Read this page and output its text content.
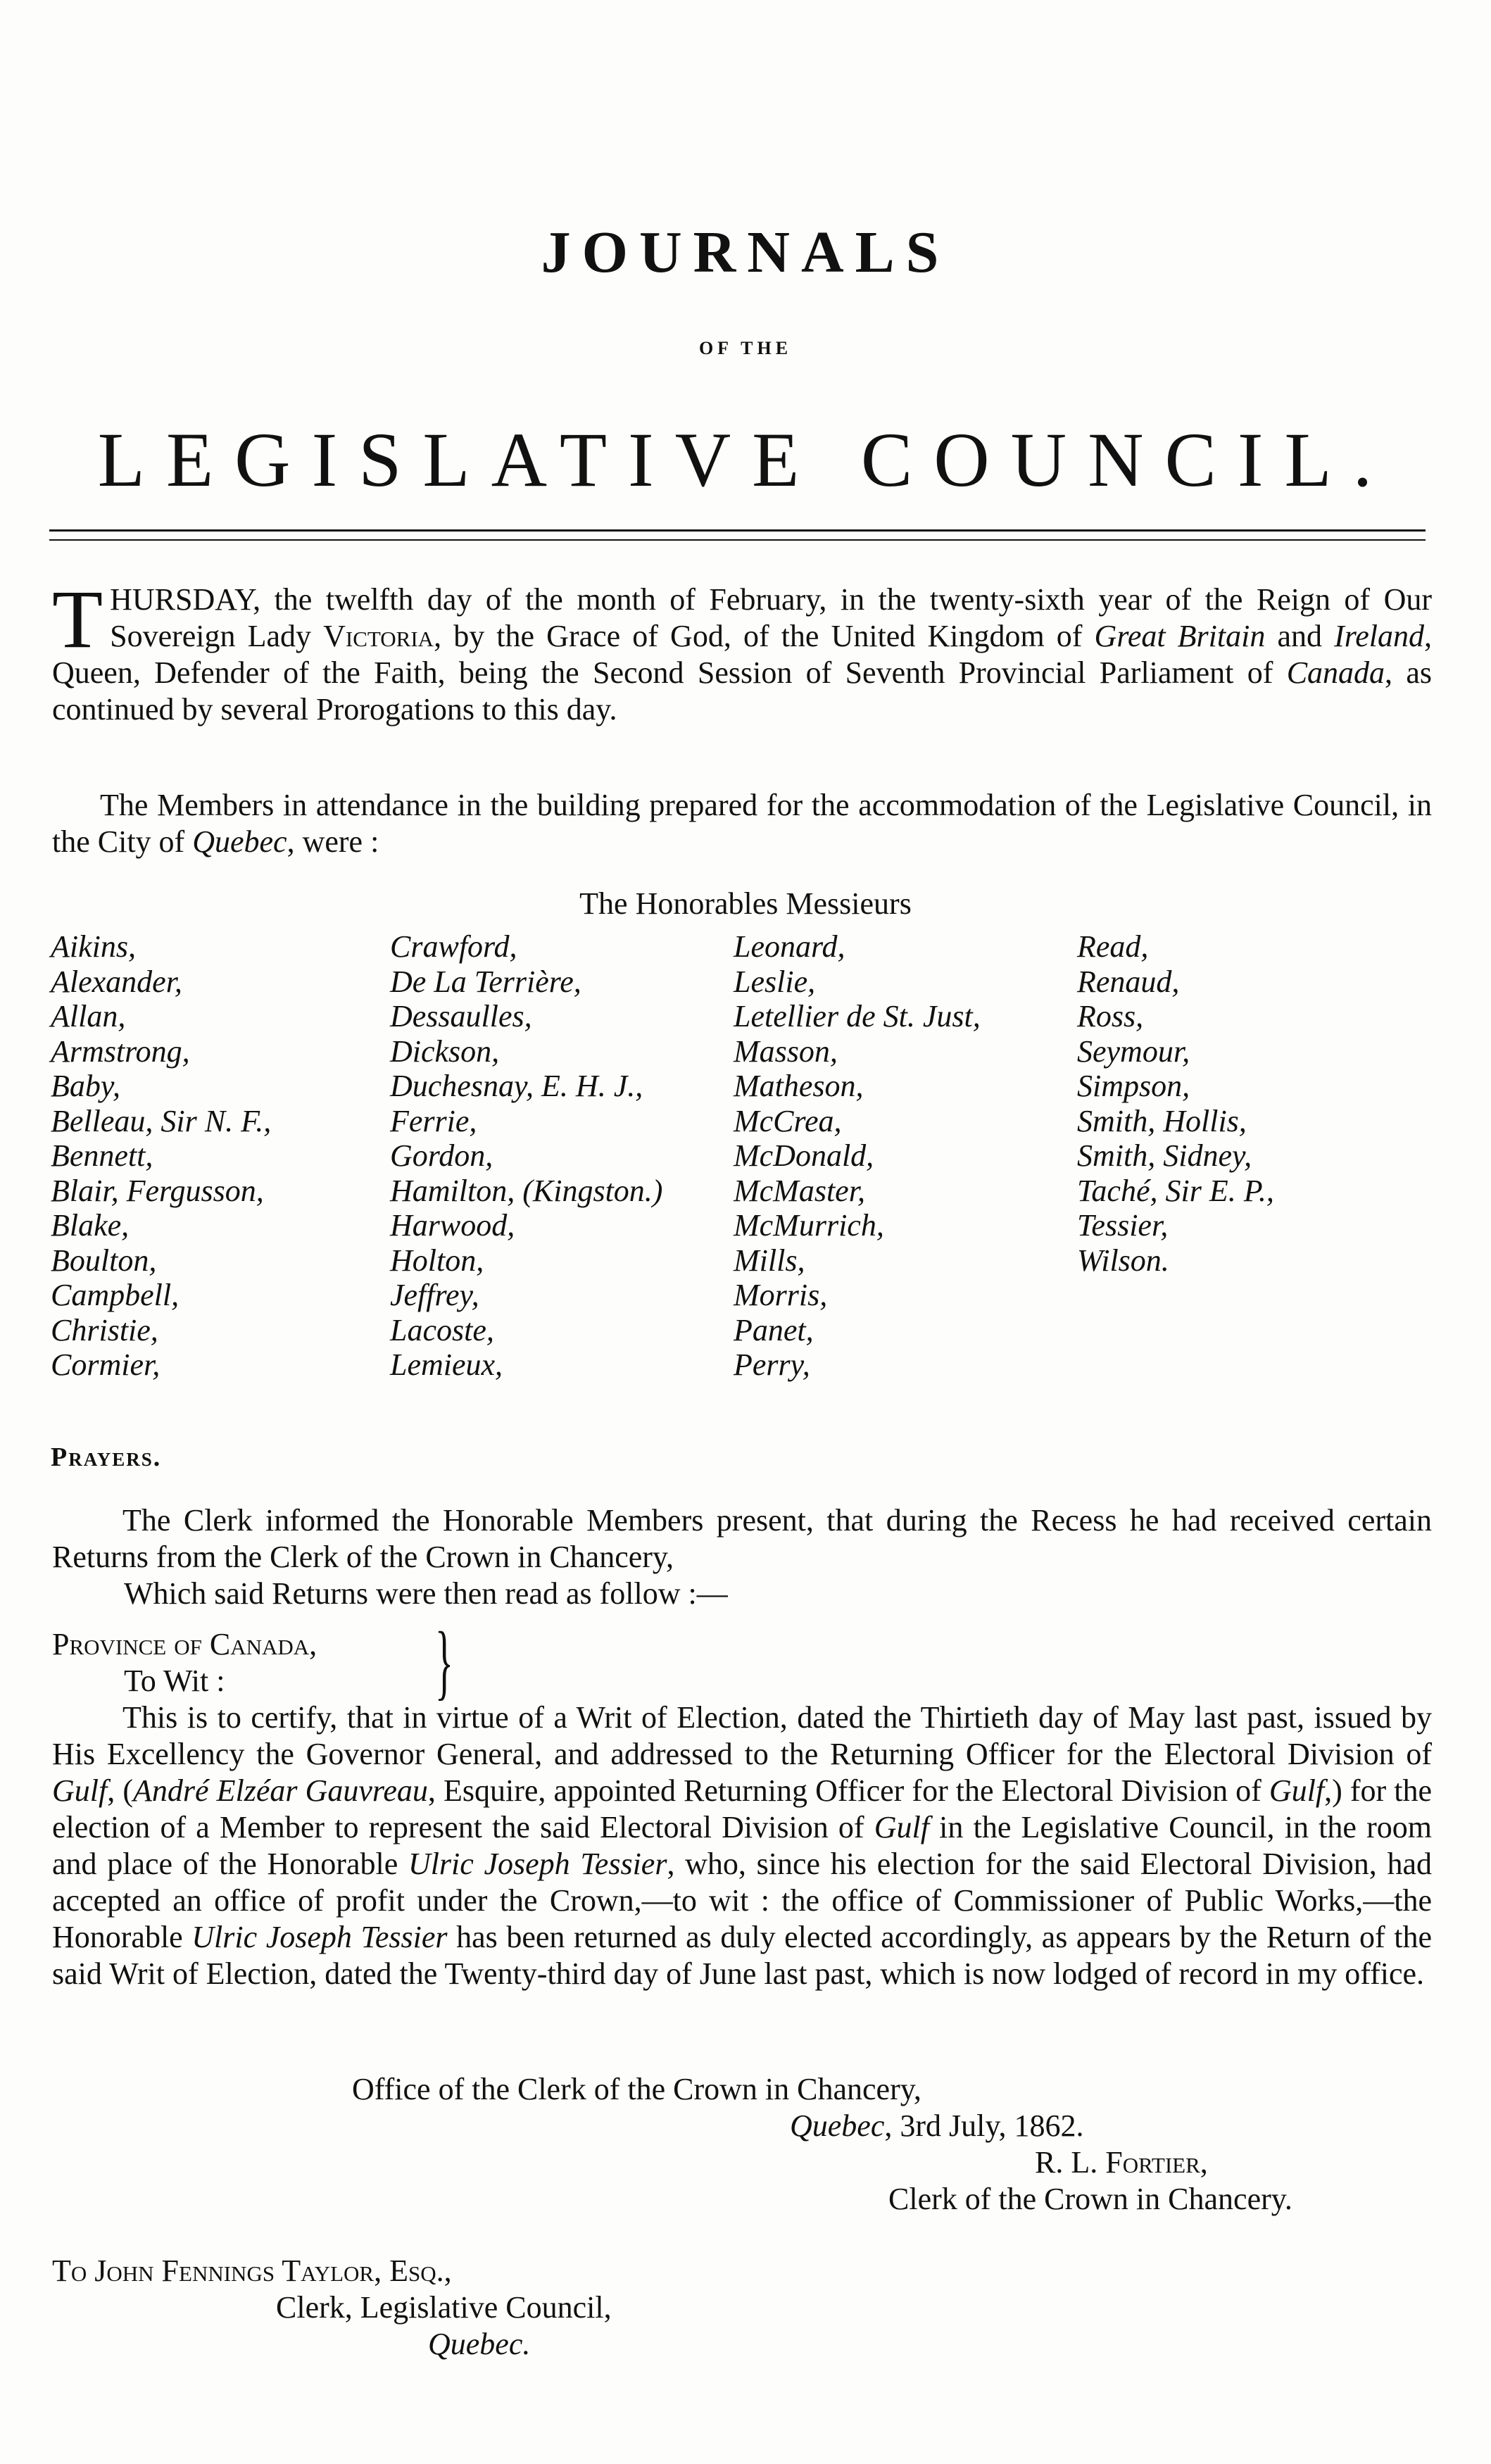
JOURNALS
OF THE
LEGISLATIVE COUNCIL.
THURSDAY, the twelfth day of the month of February, in the twenty-sixth year of the Reign of Our Sovereign Lady Victoria, by the Grace of God, of the United Kingdom of Great Britain and Ireland, Queen, Defender of the Faith, being the Second Session of Seventh Provincial Parliament of Canada, as continued by several Prorogations to this day.
The Members in attendance in the building prepared for the accommodation of the Legislative Council, in the City of Quebec, were :
The Honorables Messieurs
Aikins,
Alexander,
Allan,
Armstrong,
Baby,
Belleau, Sir N. F.,
Bennett,
Blair, Fergusson,
Blake,
Boulton,
Campbell,
Christie,
Cormier,
Crawford,
De La Terrière,
Dessaulles,
Dickson,
Duchesnay, E. H. J.,
Ferrie,
Gordon,
Hamilton, (Kingston.)
Harwood,
Holton,
Jeffrey,
Lacoste,
Lemieux,
Leonard,
Leslie,
Letellier de St. Just,
Masson,
Matheson,
McCrea,
McDonald,
McMaster,
McMurrich,
Mills,
Morris,
Panet,
Perry,
Read,
Renaud,
Ross,
Seymour,
Simpson,
Smith, Hollis,
Smith, Sidney,
Taché, Sir E. P.,
Tessier,
Wilson.
Prayers.
The Clerk informed the Honorable Members present, that during the Recess he had received certain Returns from the Clerk of the Crown in Chancery,
Which said Returns were then read as follow :—
Province of Canada,
To Wit : }
This is to certify, that in virtue of a Writ of Election, dated the Thirtieth day of May last past, issued by His Excellency the Governor General, and addressed to the Returning Officer for the Electoral Division of Gulf, (André Elzéar Gauvreau, Esquire, appointed Returning Officer for the Electoral Division of Gulf,) for the election of a Member to represent the said Electoral Division of Gulf in the Legislative Council, in the room and place of the Honorable Ulric Joseph Tessier, who, since his election for the said Electoral Division, had accepted an office of profit under the Crown,—to wit : the office of Commissioner of Public Works,—the Honorable Ulric Joseph Tessier has been returned as duly elected accordingly, as appears by the Return of the said Writ of Election, dated the Twenty-third day of June last past, which is now lodged of record in my office.
Office of the Clerk of the Crown in Chancery,
Quebec, 3rd July, 1862.
R. L. Fortier,
Clerk of the Crown in Chancery.
To John Fennings Taylor, Esq.,
Clerk, Legislative Council,
Quebec.
